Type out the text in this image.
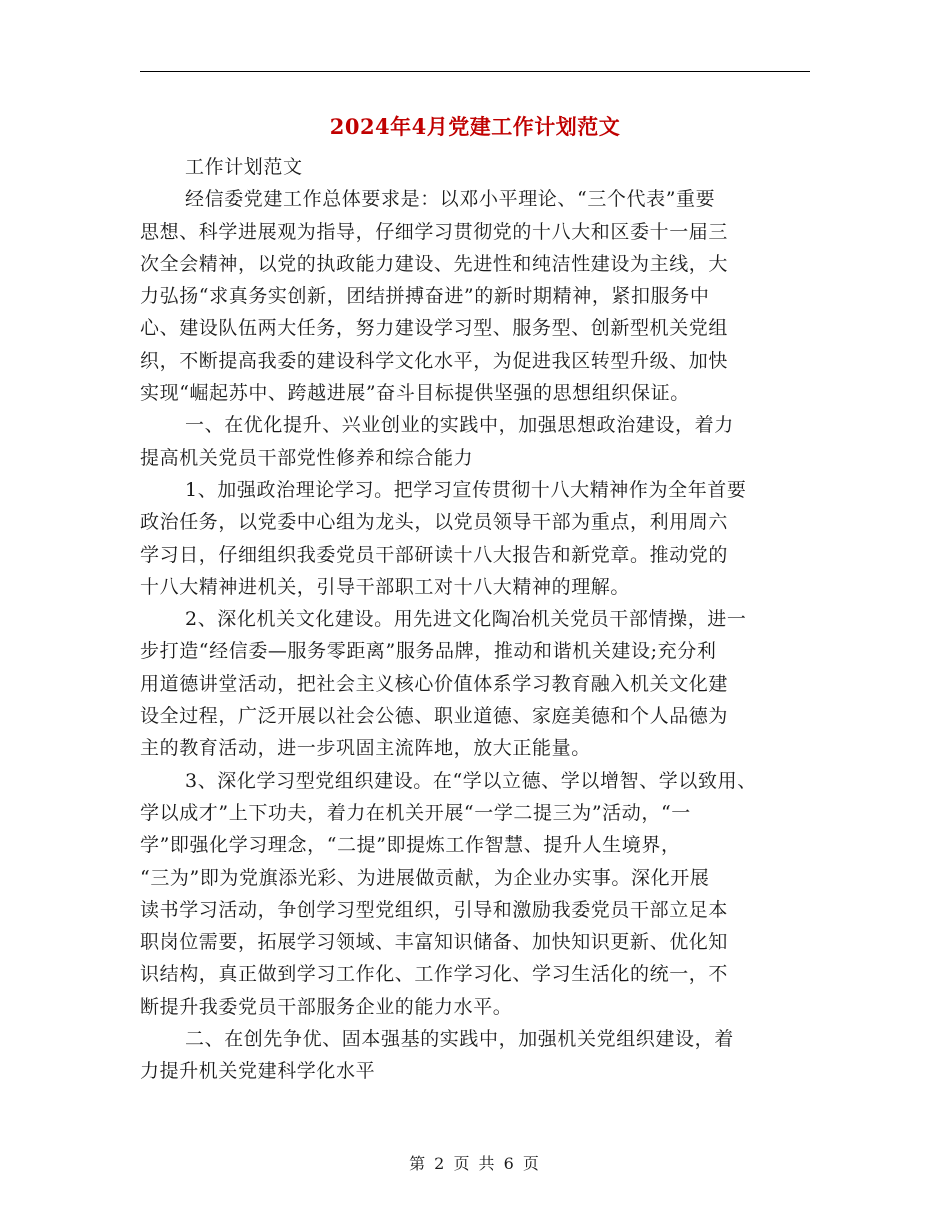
2024年4月党建工作计划范文
工作计划范文
经信委党建工作总体要求是：以邓小平理论、“三个代表”重要
思想、科学进展观为指导，仔细学习贯彻党的十八大和区委十一届三
次全会精神，以党的执政能力建设、先进性和纯洁性建设为主线，大
力弘扬“求真务实创新，团结拼搏奋进”的新时期精神，紧扣服务中
心、建设队伍两大任务，努力建设学习型、服务型、创新型机关党组
织，不断提高我委的建设科学文化水平，为促进我区转型升级、加快
实现“崛起苏中、跨越进展”奋斗目标提供坚强的思想组织保证。
一、在优化提升、兴业创业的实践中，加强思想政治建设，着力
提高机关党员干部党性修养和综合能力
1、加强政治理论学习。把学习宣传贯彻十八大精神作为全年首要
政治任务，以党委中心组为龙头，以党员领导干部为重点，利用周六
学习日，仔细组织我委党员干部研读十八大报告和新党章。推动党的
十八大精神进机关，引导干部职工对十八大精神的理解。
2、深化机关文化建设。用先进文化陶冶机关党员干部情操，进一
步打造“经信委—服务零距离”服务品牌，推动和谐机关建设;充分利
用道德讲堂活动，把社会主义核心价值体系学习教育融入机关文化建
设全过程，广泛开展以社会公德、职业道德、家庭美德和个人品德为
主的教育活动，进一步巩固主流阵地，放大正能量。
3、深化学习型党组织建设。在“学以立德、学以增智、学以致用、
学以成才”上下功夫，着力在机关开展“一学二提三为”活动，“一
学”即强化学习理念，“二提”即提炼工作智慧、提升人生境界，
“三为”即为党旗添光彩、为进展做贡献，为企业办实事。深化开展
读书学习活动，争创学习型党组织，引导和激励我委党员干部立足本
职岗位需要，拓展学习领域、丰富知识储备、加快知识更新、优化知
识结构，真正做到学习工作化、工作学习化、学习生活化的统一，不
断提升我委党员干部服务企业的能力水平。
二、在创先争优、固本强基的实践中，加强机关党组织建设，着
力提升机关党建科学化水平
第 2 页 共 6 页
